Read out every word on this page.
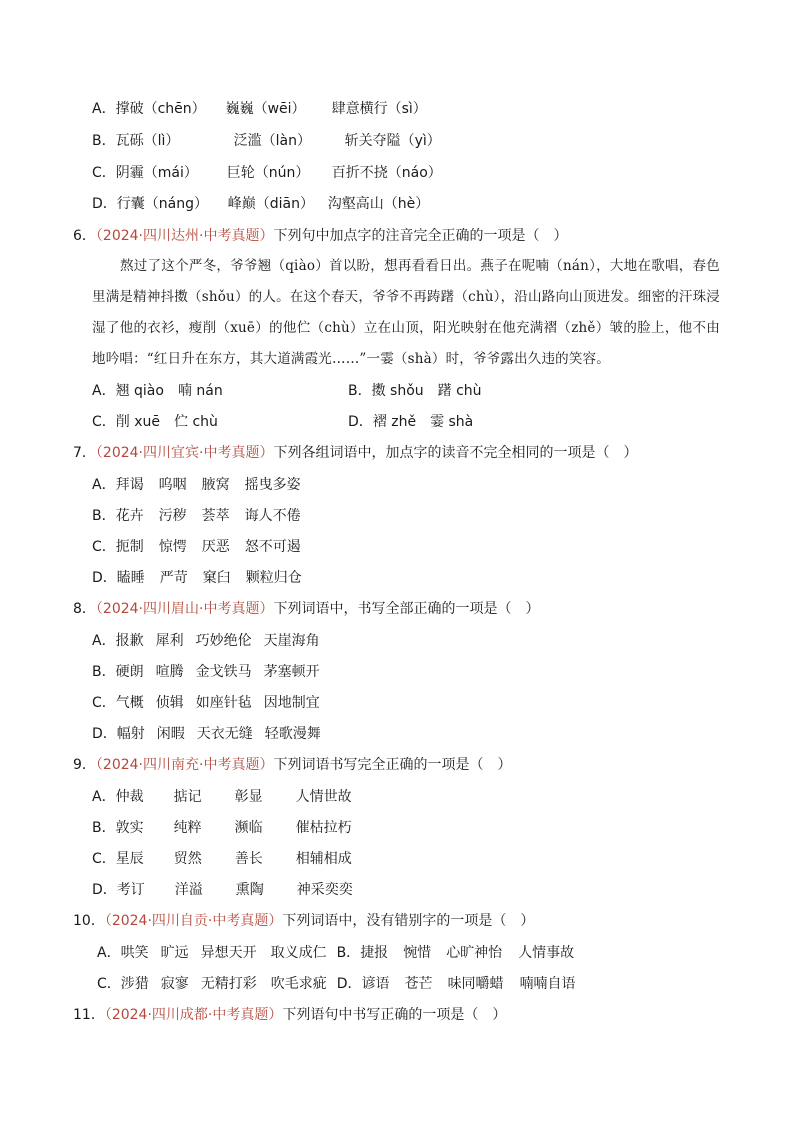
A．撑破（chēn） 巍巍（wēi） 肆意横行（sì）
B．瓦砾（lì）	泛滥（làn） 斩关夺隘（yì）
C．阴霾（mái） 巨轮（nún） 百折不挠（náo）
D．行囊（náng） 峰巅（diān） 沟壑高山（hè）
6．（2024·四川达州·中考真题）下列句中加点字的注音完全正确的一项是（　）

熬过了这个严冬，爷爷翘（qiào）首以盼，想再看看日出。燕子在呢喃（nán），大地在歌唱，春色里满是精神抖擞（shǒu）的人。在这个春天，爷爷不再踌躇（chù），沿山路向山顶进发。细密的汗珠浸湿了他的衣衫，瘦削（xuē）的他伫（chù）立在山顶，阳光映射在他充满褶（zhě）皱的脸上，他不由地吟唱：“红日升在东方，其大道满霞光……”一霎（shà）时，爷爷露出久违的笑容。

A．翘 qiào　喃 nán	B．擞 shǒu　躇 chù
C．削 xuē　伫 chù	D．褶 zhě　霎 shà
7．（2024·四川宜宾·中考真题）下列各组词语中，加点字的读音不完全相同的一项是（　）
A．拜谒 呜咽 腋窝 摇曳多姿
B．花卉 污秽 荟萃 诲人不倦
C．扼制 惊愕 厌恶 怒不可遏
D．瞌睡 严苛 窠臼 颗粒归仓
8．（2024·四川眉山·中考真题）下列词语中，书写全部正确的一项是（　）
A．报歉 犀利 巧妙绝伦 天崖海角
B．硬朗 喧腾 金戈铁马 茅塞顿开
C．气概 侦辑 如座针毡 因地制宜
D．幅射 闲暇 天衣无缝 轻歌漫舞
9．（2024·四川南充·中考真题）下列词语书写完全正确的一项是（　）
A．仲裁 掂记 彰显 人情世故
B．敦实 纯粹 濒临 催枯拉朽
C．星辰 贸然 善长 相辅相成
D．考订 洋溢 熏陶 神采奕奕
10．（2024·四川自贡·中考真题）下列词语中，没有错别字的一项是（　）
A．哄笑 旷远 异想天开 取义成仁 B．捷报 惋惜 心旷神怡 人情事故
C．涉猎 寂寥 无精打彩 吹毛求疵 D．谚语 苍芒 味同嚼蜡 喃喃自语
11．（2024·四川成都·中考真题）下列语句中书写正确的一项是（　）
